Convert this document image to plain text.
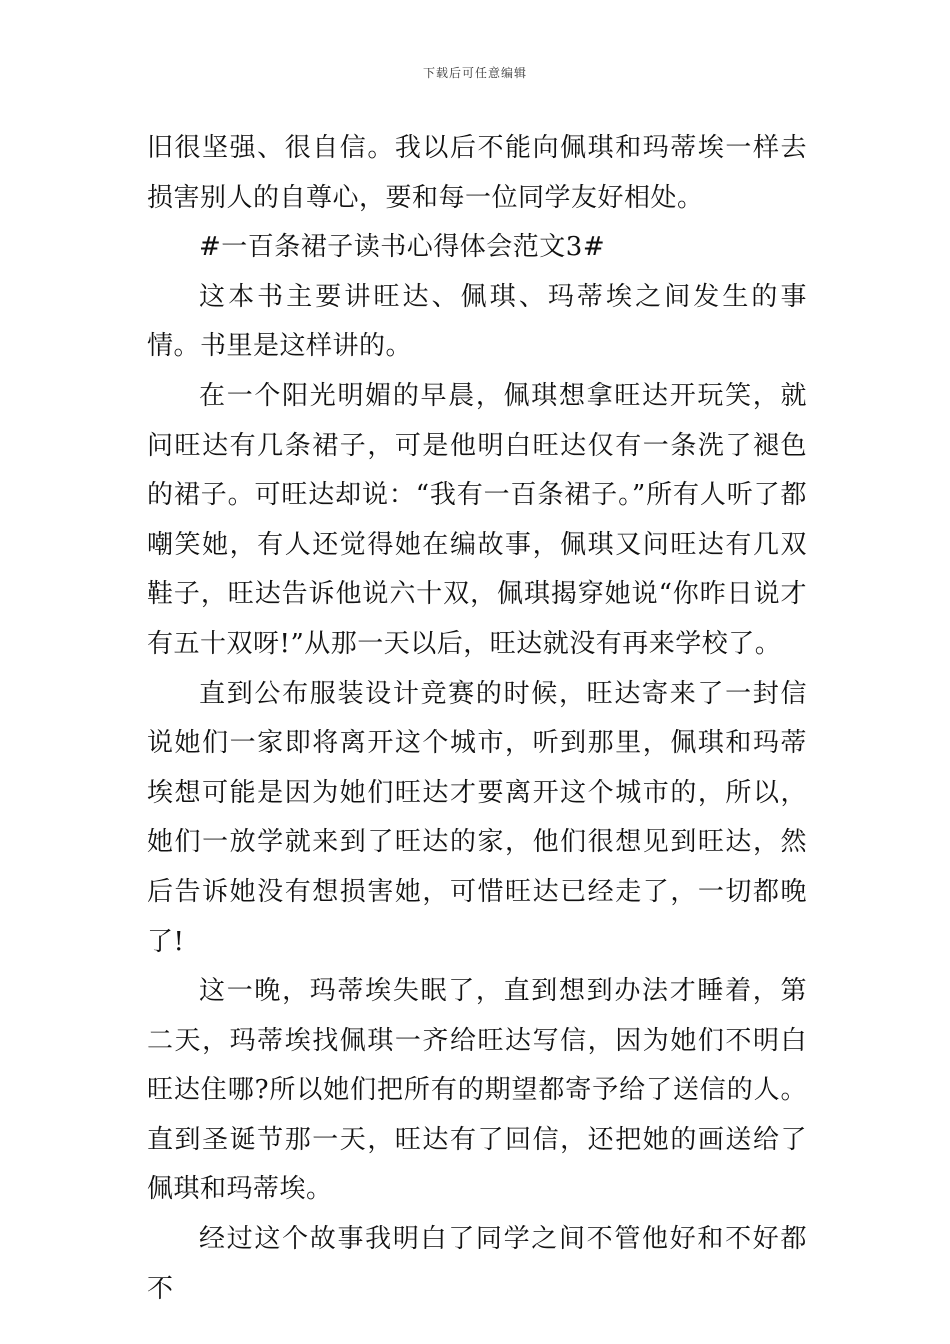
下载后可任意编辑

旧很坚强、很自信。我以后不能向佩琪和玛蒂埃一样去损害别人的自尊心，要和每一位同学友好相处。

#一百条裙子读书心得体会范文3#

这本书主要讲旺达、佩琪、玛蒂埃之间发生的事情。书里是这样讲的。

在一个阳光明媚的早晨，佩琪想拿旺达开玩笑，就问旺达有几条裙子，可是他明白旺达仅有一条洗了褪色的裙子。可旺达却说：“我有一百条裙子。”所有人听了都嘲笑她，有人还觉得她在编故事，佩琪又问旺达有几双鞋子，旺达告诉他说六十双，佩琪揭穿她说“你昨日说才有五十双呀!”从那一天以后，旺达就没有再来学校了。

直到公布服装设计竞赛的时候，旺达寄来了一封信说她们一家即将离开这个城市，听到那里，佩琪和玛蒂埃想可能是因为她们旺达才要离开这个城市的，所以，她们一放学就来到了旺达的家，他们很想见到旺达，然后告诉她没有想损害她，可惜旺达已经走了，一切都晚了!

这一晚，玛蒂埃失眠了，直到想到办法才睡着，第二天，玛蒂埃找佩琪一齐给旺达写信，因为她们不明白旺达住哪?所以她们把所有的期望都寄予给了送信的人。直到圣诞节那一天，旺达有了回信，还把她的画送给了佩琪和玛蒂埃。

经过这个故事我明白了同学之间不管他好和不好都不
